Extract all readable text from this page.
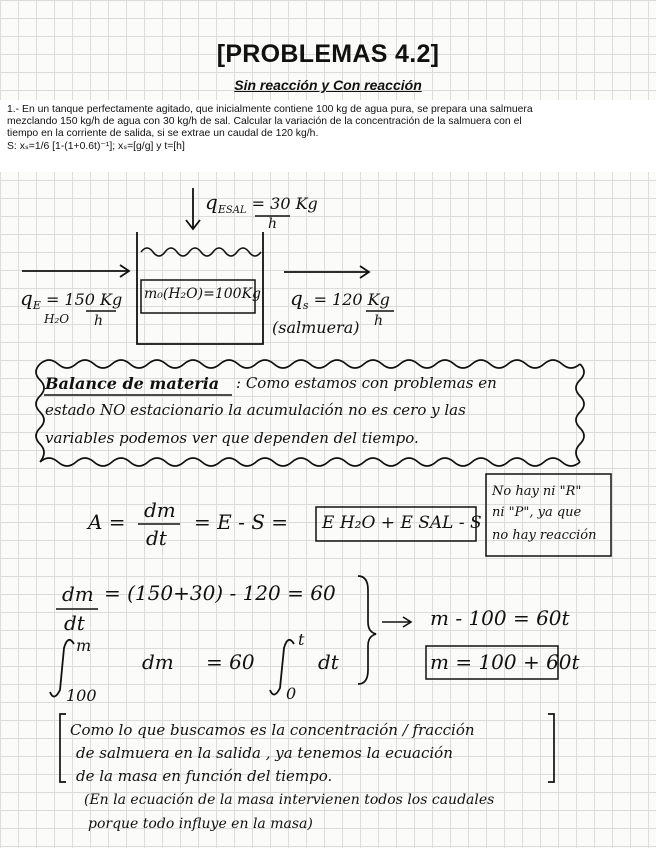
[PROBLEMAS 4.2]
Sin reacción y Con reacción
1.- En un tanque perfectamente agitado, que inicialmente contiene 100 kg de agua pura, se prepara una salmuera
mezclando 150 kg/h de agua con 30 kg/h de sal. Calcular la variación de la concentración de la salmuera con el
tiempo en la corriente de salida, si se extrae un caudal de 120 kg/h.
S: xₛ=1/6 [1-(1+0.6t)⁻¹]; xₛ=[g/g] y t=[h]
$q_{ESAL} = 30$ Kg
h
$q_E = 150$ Kg
H₂O h
m₀(H₂O)=100Kg $q_s = 120$ Kg
h
(salmuera)
Balance de materia : Como estamos con problemas en
estado NO estacionario la acumulación no es cero y las
variables podemos ver que dependen del tiempo.
A = dm
dt
= E - S = E H₂O + E SAL - S
No hay ni "R"
ni "P", ya que
no hay reacción
dm
dt
= (150+30) - 120 = 60
m
100
dm = 60
t
0
dt
m - 100 = 60t
m = 100 + 60t
Como lo que buscamos es la concentración / fracción
de salmuera en la salida , ya tenemos la ecuación
de la masa en función del tiempo.
(En la ecuación de la masa intervienen todos los caudales
porque todo influye en la masa)
